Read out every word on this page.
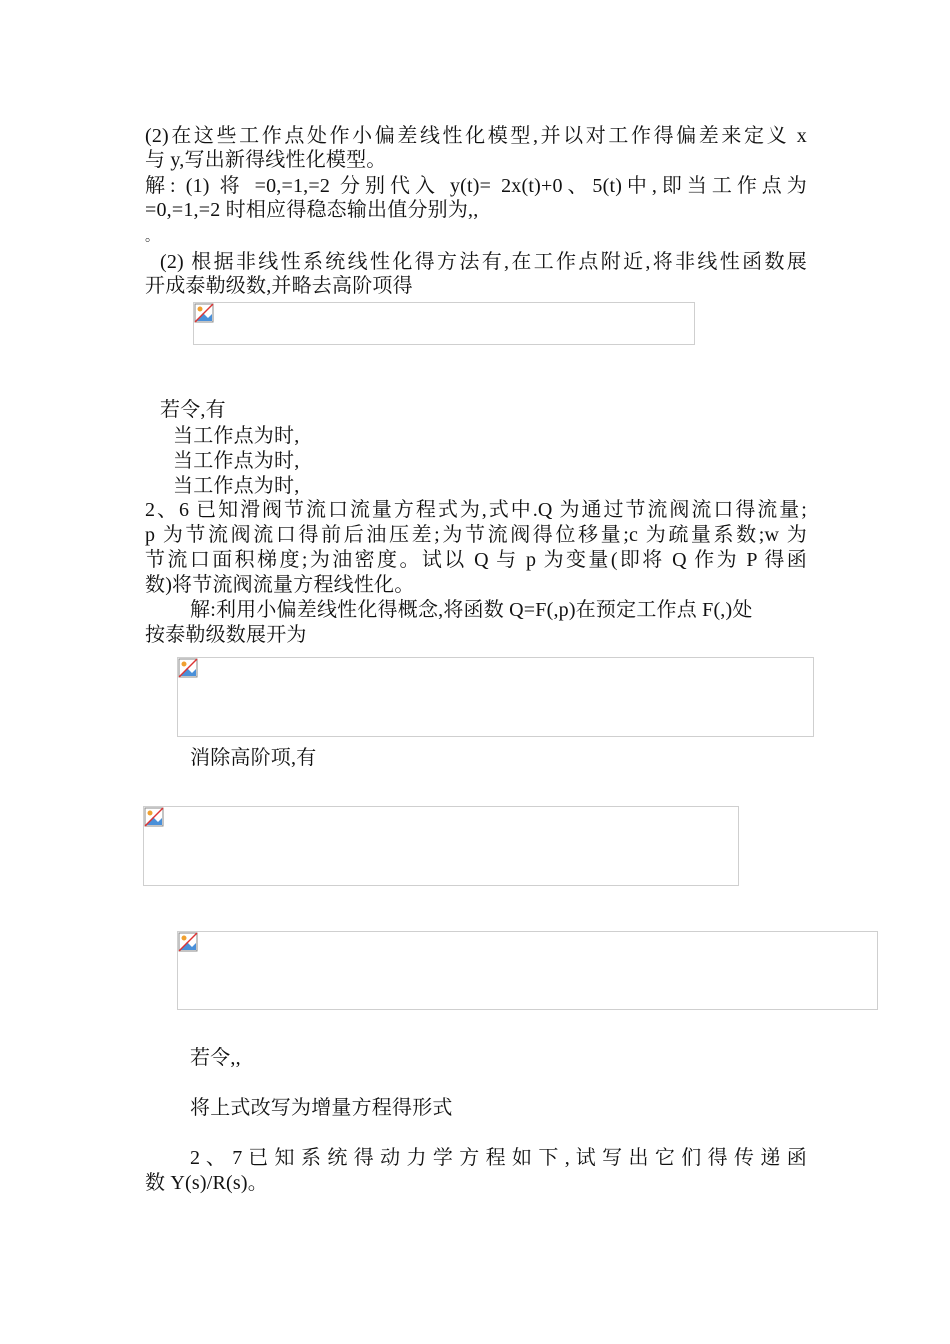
(2)在这些工作点处作小偏差线性化模型,并以对工作得偏差来定义 x
与 y,写出新得线性化模型。
解: (1) 将 =0,=1,=2 分别代入 y(t)= 2x(t)+0、5(t)中,即当工作点为
=0,=1,=2 时相应得稳态输出值分别为,,
。
(2) 根据非线性系统线性化得方法有,在工作点附近,将非线性函数展
开成泰勒级数,并略去高阶项得
若令,有
当工作点为时,
当工作点为时,
当工作点为时,
2、6 已知滑阀节流口流量方程式为,式中.Q 为通过节流阀流口得流量;
p 为节流阀流口得前后油压差;为节流阀得位移量;c 为疏量系数;w 为
节流口面积梯度;为油密度。试以 Q 与 p 为变量(即将 Q 作为 P 得函
数)将节流阀流量方程线性化。
解:利用小偏差线性化得概念,将函数 Q=F(,p)在预定工作点 F(,)处
按泰勒级数展开为
消除高阶项,有
若令,,
将上式改写为增量方程得形式
2 、 7 已 知 系 统 得 动 力 学 方 程 如 下 , 试 写 出 它 们 得 传 递 函
数 Y(s)/R(s)。
